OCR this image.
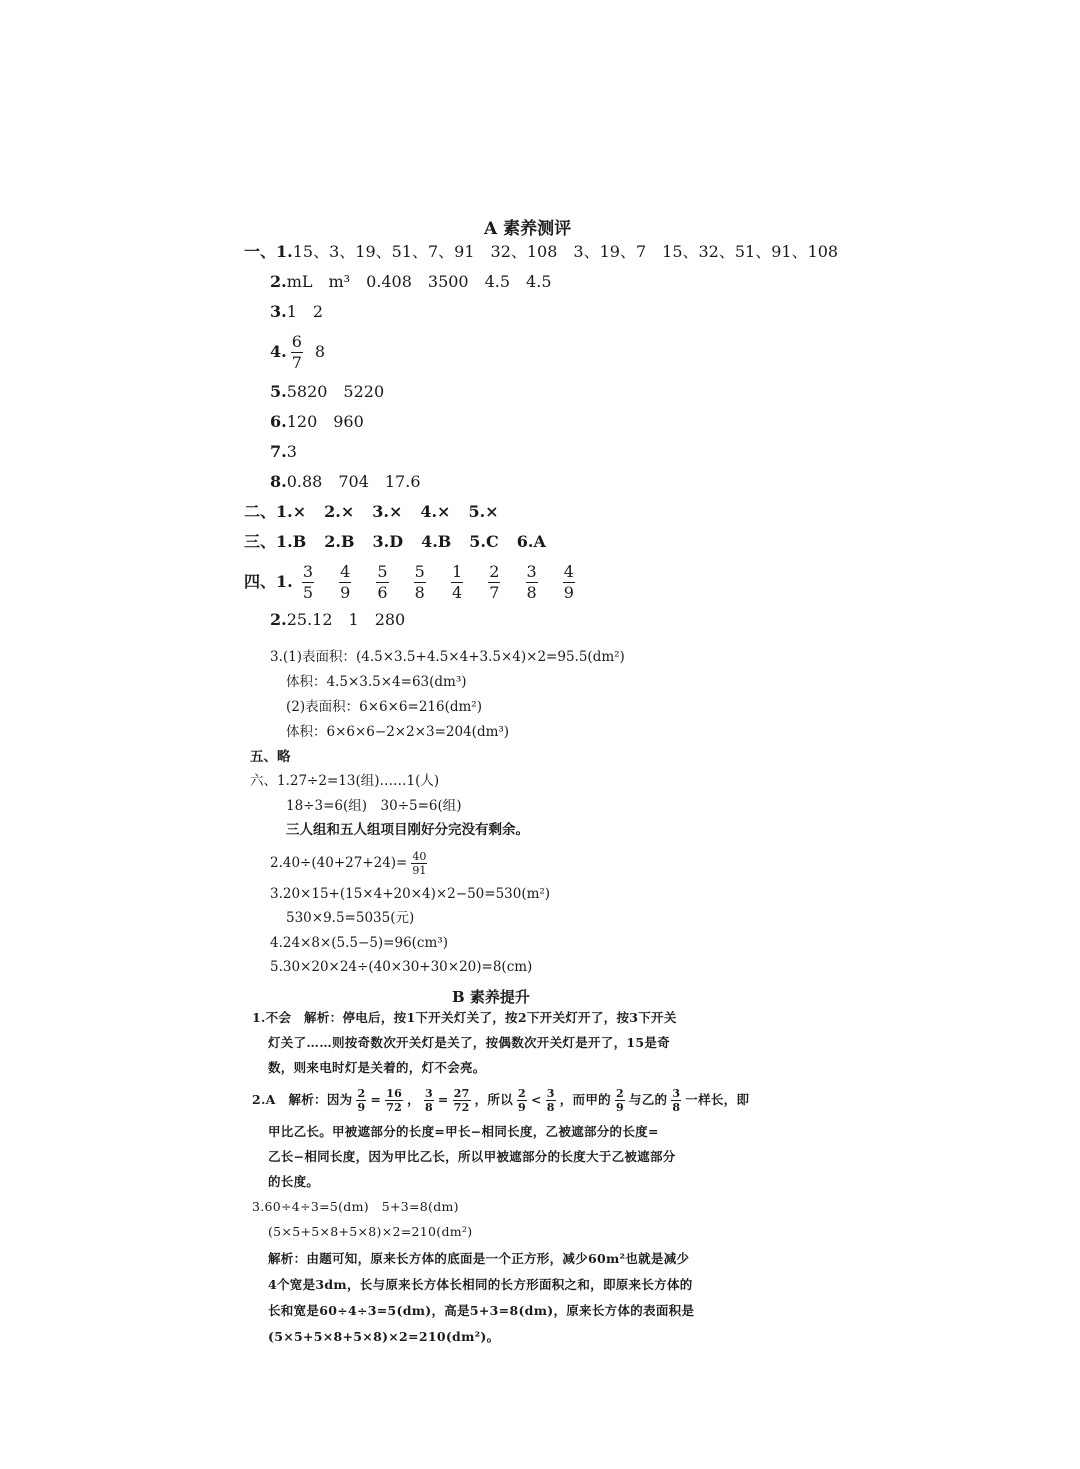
A 素养测评
一、1.15、3、19、51、7、91　32、108　3、19、7　15、32、51、91、108
2.mL　m³　0.408　3500　4.5　4.5
3.1　2
4. $\frac{6}{7} 8$
5.5820　5220
6.120　960
7.3
8.0.88　704　17.6
二、1.× 2.× 3.× 4.× 5.×
三、1.B 2.B 3.D 4.B 5.C 6.A
四、1. $\frac{3}{5}$
$\frac{4}{9}$
$\frac{5}{6}$
$\frac{5}{8}$
$\frac{1}{4}$
$\frac{2}{7}$
$\frac{3}{8}$
$\frac{4}{9}$
2.25.12　1　280
3.(1)表面积：(4.5×3.5+4.5×4+3.5×4)×2=95.5(dm²)
体积：4.5×3.5×4=63(dm³)
(2)表面积：6×6×6=216(dm²)
体积：6×6×6−2×2×3=204(dm³)
五、略
六、1.27÷2=13(组)……1(人)
18÷3=6(组)　30÷5=6(组)
三人组和五人组项目刚好分完没有剩余。
$2.40\div(40+27+24)= \frac{40}{91}$
3.20×15+(15×4+20×4)×2−50=530(m²)
530×9.5=5035(元)
4.24×8×(5.5−5)=96(cm³)
5.30×20×24÷(40×30+30×20)=8(cm)
B 素养提升
1.不会　解析：停电后，按1下开关灯关了，按2下开关灯开了，按3下开关
灯关了……则按奇数次开关灯是关了，按偶数次开关灯是开了，15是奇
数，则来电时灯是关着的，灯不会亮。
2.A　解析：因为 $\frac{2}{9} = \frac{16}{72}$ ， $\frac{3}{8} = \frac{27}{72}$ ，所以 $\frac{2}{9} < \frac{3}{8}$ ，而甲的 $\frac{2}{9}$ 与乙的 $\frac{3}{8}$ 一样长，即
甲比乙长。甲被遮部分的长度=甲长−相同长度，乙被遮部分的长度=
乙长−相同长度，因为甲比乙长，所以甲被遮部分的长度大于乙被遮部分
的长度。
3.60÷4÷3=5(dm)　5+3=8(dm)
(5×5+5×8+5×8)×2=210(dm²)
解析：由题可知，原来长方体的底面是一个正方形，减少60m²也就是减少
4个宽是3dm，长与原来长方体长相同的长方形面积之和，即原来长方体的
长和宽是60÷4÷3=5(dm)，高是5+3=8(dm)，原来长方体的表面积是
(5×5+5×8+5×8)×2=210(dm²)。
